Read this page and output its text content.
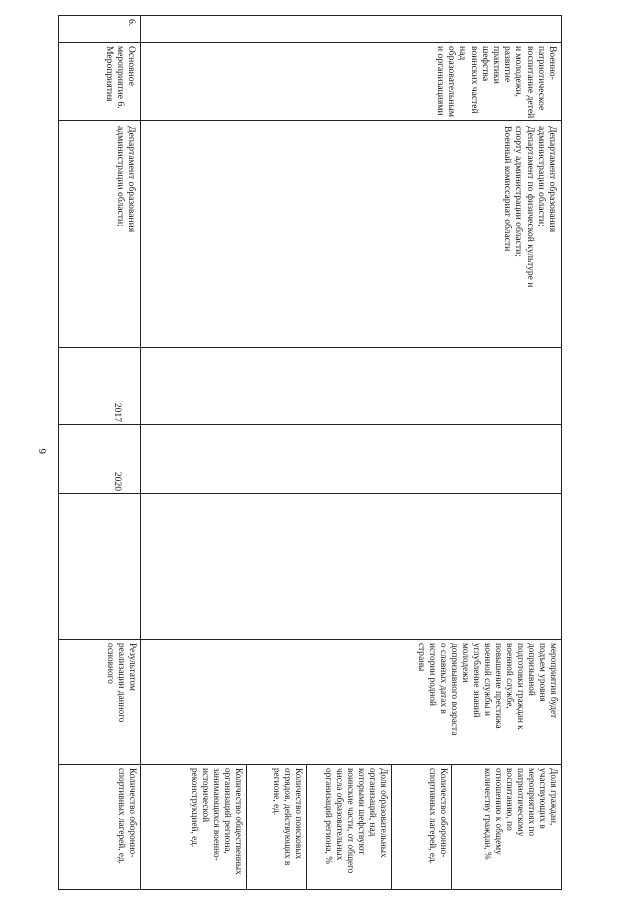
6
Военно-
патриотическое
воспитание детей
и молодежи,
развитие
практики
шефства
воинских частей
над
образовательным
и организациями
Департамент образования
администрации области;
Департамент по физической культуре и
спорту администрации области;
Военный комиссариат области
мероприятия будет
подъем уровня
допризывной
подготовки граждан к
военной службе,
повышение престижа
военной службы и
углубление знаний
молодежи
допризывного возраста
о славных датах в
истории родной
страны
Доля граждан,
участвующих в
мероприятиях по
патриотическому
воспитанию, по
отношению к общему
количеству граждан, %
Количество оборонно-
спортивных лагерей, ед.
Доля образовательных
организаций, над
которыми шефствуют
воинские части, от общего
числа образовательных
организаций региона, %
Количество поисковых
отрядов, действующих в
регионе, ед.
Количество общественных
организаций региона,
занимающихся военно-
исторической
реконструкцией, ед.
6.
Основное
мероприятие 6.
Мероприятия
Департамент образования
администрации области;
2017
2020
Результатом
реализации данного
основного
Количество оборонно-
спортивных лагерей, ед.
